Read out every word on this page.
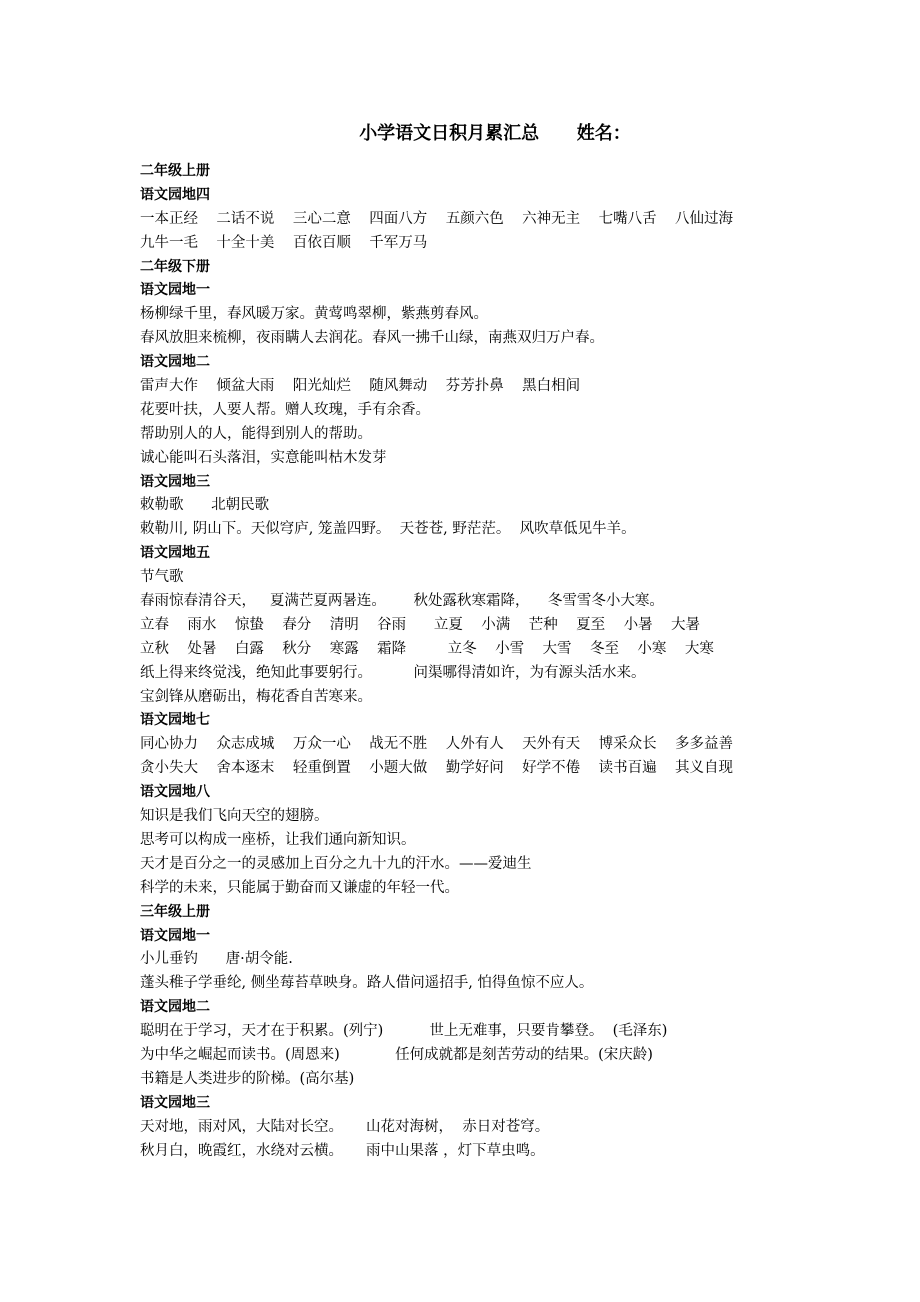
小学语文日积月累汇总      姓名：
二年级上册
语文园地四
一本正经    二话不说    三心二意    四面八方    五颜六色    六神无主    七嘴八舌    八仙过海
九牛一毛    十全十美    百依百顺    千军万马
二年级下册
语文园地一
杨柳绿千里，春风暖万家。黄莺鸣翠柳，紫燕剪春风。
春风放胆来梳柳，夜雨瞒人去润花。春风一拂千山绿，南燕双归万户春。
语文园地二
雷声大作    倾盆大雨    阳光灿烂    随风舞动    芬芳扑鼻    黑白相间
花要叶扶，人要人帮。赠人玫瑰，手有余香。
帮助别人的人，能得到别人的帮助。
诚心能叫石头落泪，实意能叫枯木发芽
语文园地三
敕勒歌      北朝民歌
敕勒川, 阴山下。天似穹庐, 笼盖四野。  天苍苍, 野茫茫。  风吹草低见牛羊。
语文园地五
节气歌
春雨惊春清谷天，   夏满芒夏两暑连。      秋处露秋寒霜降，    冬雪雪冬小大寒。
立春    雨水    惊蛰    春分    清明    谷雨      立夏    小满    芒种    夏至    小暑    大暑
立秋    处暑    白露    秋分    寒露    霜降         立冬    小雪    大雪    冬至    小寒    大寒
纸上得来终觉浅，绝知此事要躬行。         问渠哪得清如许，为有源头活水来。
宝剑锋从磨砺出，梅花香自苦寒来。
语文园地七
同心协力    众志成城    万众一心    战无不胜    人外有人    天外有天    博采众长    多多益善
贪小失大    舍本逐末    轻重倒置    小题大做    勤学好问    好学不倦    读书百遍    其义自现
语文园地八
知识是我们飞向天空的翅膀。
思考可以构成一座桥，让我们通向新知识。
天才是百分之一的灵感加上百分之九十九的汗水。——爱迪生
科学的未来，只能属于勤奋而又谦虚的年轻一代。
三年级上册
语文园地一
小儿垂钓      唐·胡令能.
蓬头稚子学垂纶, 侧坐莓苔草映身。路人借问遥招手, 怕得鱼惊不应人。
语文园地二
聪明在于学习，天才在于积累。(列宁)          世上无难事，只要肯攀登。  (毛泽东)
为中华之崛起而读书。(周恩来)            任何成就都是刻苦劳动的结果。(宋庆龄)
书籍是人类进步的阶梯。(高尔基)
语文园地三
天对地，雨对风，大陆对长空。     山花对海树，  赤日对苍穹。
秋月白，晚霞红，水绕对云横。     雨中山果落 ，灯下草虫鸣。
